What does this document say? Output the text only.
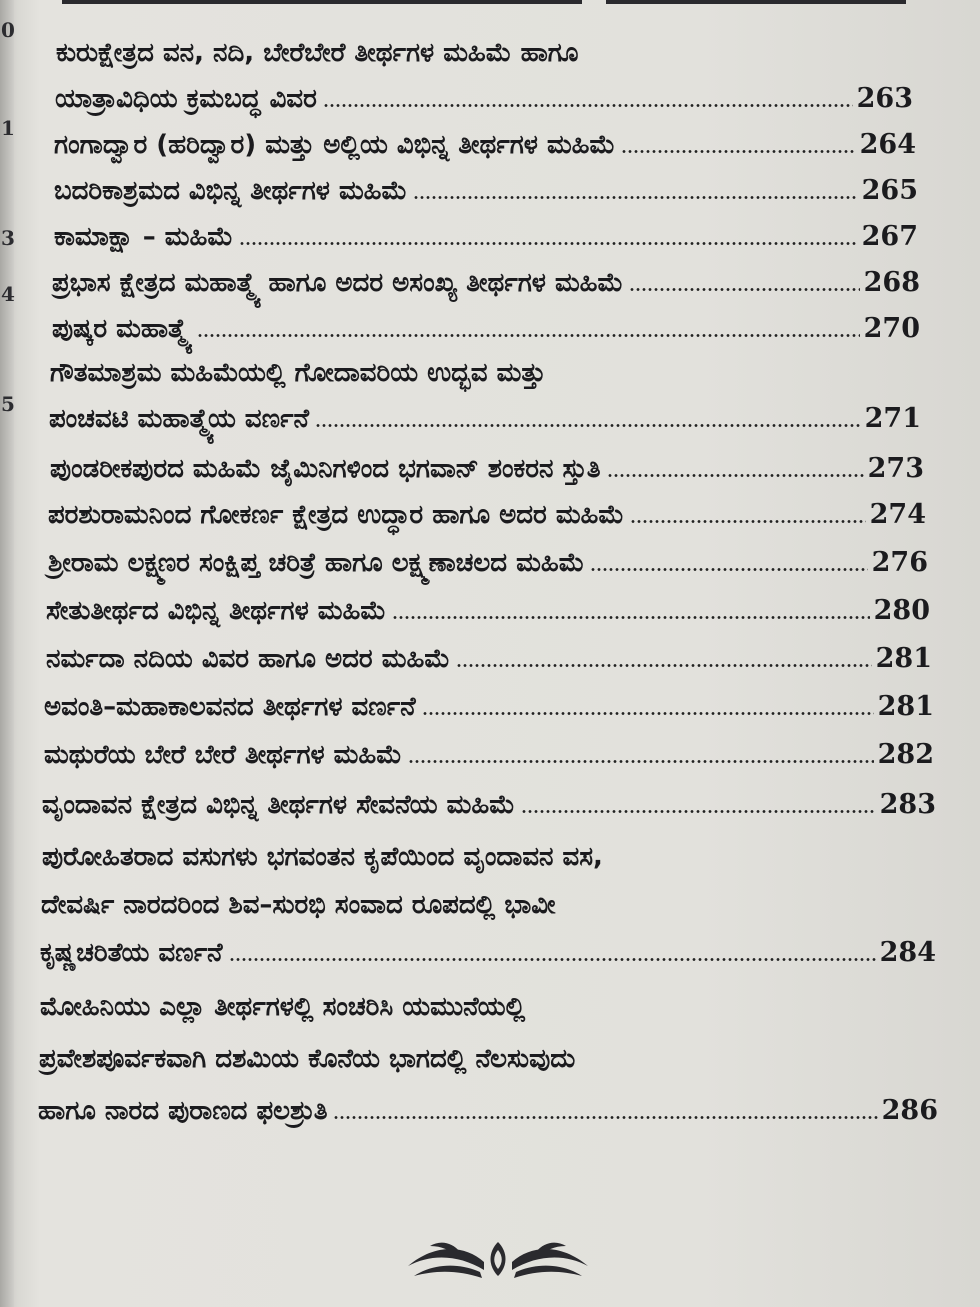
0
1
3
4
5
ಕುರುಕ್ಷೇತ್ರದ ವನ, ನದಿ, ಬೇರೆಬೇರೆ ತೀರ್ಥಗಳ ಮಹಿಮೆ ಹಾಗೂ
ಯಾತ್ರಾವಿಧಿಯ ಕ್ರಮಬದ್ಧ ವಿವರ	263
ಗಂಗಾದ್ವಾರ (ಹರಿದ್ವಾರ) ಮತ್ತು ಅಲ್ಲಿಯ ವಿಭಿನ್ನ ತೀರ್ಥಗಳ ಮಹಿಮೆ	264
ಬದರಿಕಾಶ್ರಮದ ವಿಭಿನ್ನ ತೀರ್ಥಗಳ ಮಹಿಮೆ	265
ಕಾಮಾಕ್ಷಾ – ಮಹಿಮೆ	267
ಪ್ರಭಾಸ ಕ್ಷೇತ್ರದ ಮಹಾತ್ಮ್ಯೆ ಹಾಗೂ ಅದರ ಅಸಂಖ್ಯ ತೀರ್ಥಗಳ ಮಹಿಮೆ	268
ಪುಷ್ಕರ ಮಹಾತ್ಮ್ಯೆ	270
ಗೌತಮಾಶ್ರಮ ಮಹಿಮೆಯಲ್ಲಿ ಗೋದಾವರಿಯ ಉದ್ಭವ ಮತ್ತು
ಪಂಚವಟಿ ಮಹಾತ್ಮ್ಯೆಯ ವರ್ಣನೆ	271
ಪುಂಡರೀಕಪುರದ ಮಹಿಮೆ ಜೈಮಿನಿಗಳಿಂದ ಭಗವಾನ್ ಶಂಕರನ ಸ್ತುತಿ	273
ಪರಶುರಾಮನಿಂದ ಗೋಕರ್ಣ ಕ್ಷೇತ್ರದ ಉದ್ಧಾರ ಹಾಗೂ ಅದರ ಮಹಿಮೆ	274
ಶ್ರೀರಾಮ ಲಕ್ಷ್ಮಣರ ಸಂಕ್ಷಿಪ್ತ ಚರಿತ್ರೆ ಹಾಗೂ ಲಕ್ಷ್ಮಣಾಚಲದ ಮಹಿಮೆ	276
ಸೇತುತೀರ್ಥದ ವಿಭಿನ್ನ ತೀರ್ಥಗಳ ಮಹಿಮೆ	280
ನರ್ಮದಾ ನದಿಯ ವಿವರ ಹಾಗೂ ಅದರ ಮಹಿಮೆ	281
ಅವಂತಿ–ಮಹಾಕಾಲವನದ ತೀರ್ಥಗಳ ವರ್ಣನೆ	281
ಮಥುರೆಯ ಬೇರೆ ಬೇರೆ ತೀರ್ಥಗಳ ಮಹಿಮೆ	282
ವೃಂದಾವನ ಕ್ಷೇತ್ರದ ವಿಭಿನ್ನ ತೀರ್ಥಗಳ ಸೇವನೆಯ ಮಹಿಮೆ	283
ಪುರೋಹಿತರಾದ ವಸುಗಳು ಭಗವಂತನ ಕೃಪೆಯಿಂದ ವೃಂದಾವನ ವಸ,
ದೇವರ್ಷಿ ನಾರದರಿಂದ ಶಿವ–ಸುರಭಿ ಸಂವಾದ ರೂಪದಲ್ಲಿ ಭಾವೀ
ಕೃಷ್ಣಚರಿತೆಯ ವರ್ಣನೆ	284
ಮೋಹಿನಿಯು ಎಲ್ಲಾ ತೀರ್ಥಗಳಲ್ಲಿ ಸಂಚರಿಸಿ ಯಮುನೆಯಲ್ಲಿ
ಪ್ರವೇಶಪೂರ್ವಕವಾಗಿ ದಶಮಿಯ ಕೊನೆಯ ಭಾಗದಲ್ಲಿ ನೆಲಸುವುದು
ಹಾಗೂ ನಾರದ ಪುರಾಣದ ಫಲಶ್ರುತಿ	286
